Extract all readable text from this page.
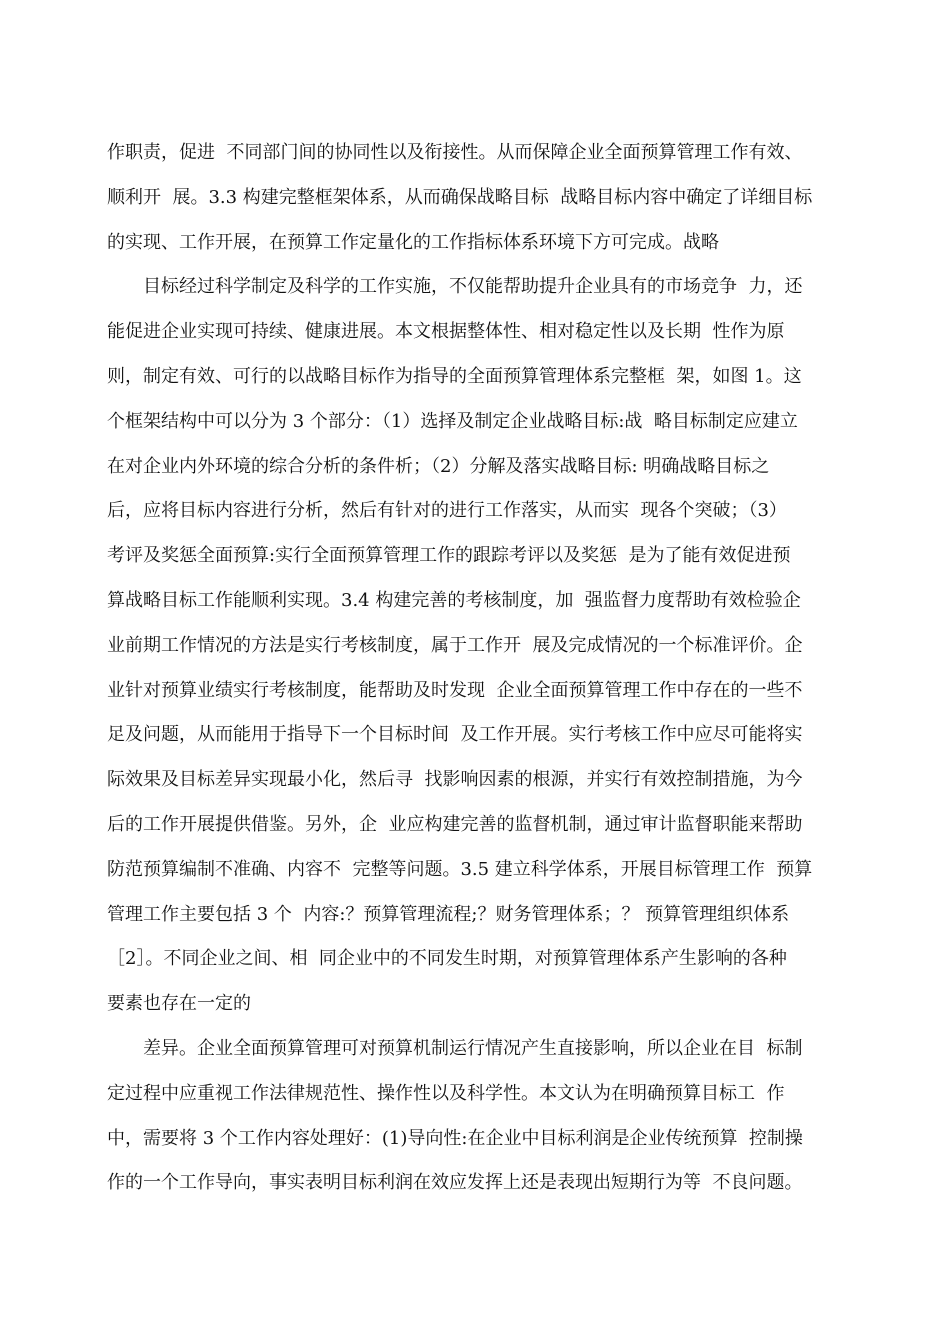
作职责，促进  不同部门间的协同性以及衔接性。从而保障企业全面预算管理工作有效、

顺利开  展。3.3 构建完整框架体系，从而确保战略目标  战略目标内容中确定了详细目标

的实现、工作开展，在预算工作定量化的工作指标体系环境下方可完成。战略

目标经过科学制定及科学的工作实施，不仅能帮助提升企业具有的市场竞争  力，还

能促进企业实现可持续、健康进展。本文根据整体性、相对稳定性以及长期  性作为原

则，制定有效、可行的以战略目标作为指导的全面预算管理体系完整框  架，如图 1。这

个框架结构中可以分为 3 个部分：（1）选择及制定企业战略目标:战  略目标制定应建立

在对企业内外环境的综合分析的条件析；（2）分解及落实战略目标: 明确战略目标之

后，应将目标内容进行分析，然后有针对的进行工作落实，从而实  现各个突破；（3）

考评及奖惩全面预算:实行全面预算管理工作的跟踪考评以及奖惩  是为了能有效促进预

算战略目标工作能顺利实现。3.4 构建完善的考核制度，加  强监督力度帮助有效检验企

业前期工作情况的方法是实行考核制度，属于工作开  展及完成情况的一个标准评价。企

业针对预算业绩实行考核制度，能帮助及时发现  企业全面预算管理工作中存在的一些不

足及问题，从而能用于指导下一个目标时间  及工作开展。实行考核工作中应尽可能将实

际效果及目标差异实现最小化，然后寻  找影响因素的根源，并实行有效控制措施，为今

后的工作开展提供借鉴。另外，企  业应构建完善的监督机制，通过审计监督职能来帮助

防范预算编制不准确、内容不  完整等问题。3.5 建立科学体系，开展目标管理工作  预算

管理工作主要包括 3 个  内容:？预算管理流程;？财务管理体系；？ 预算管理组织体系

［2］。不同企业之间、相  同企业中的不同发生时期，对预算管理体系产生影响的各种

要素也存在一定的

差异。企业全面预算管理可对预算机制运行情况产生直接影响，所以企业在目  标制

定过程中应重视工作法律规范性、操作性以及科学性。本文认为在明确预算目标工  作

中，需要将 3 个工作内容处理好：(1)导向性:在企业中目标利润是企业传统预算  控制操

作的一个工作导向，事实表明目标利润在效应发挥上还是表现出短期行为等  不良问题。
